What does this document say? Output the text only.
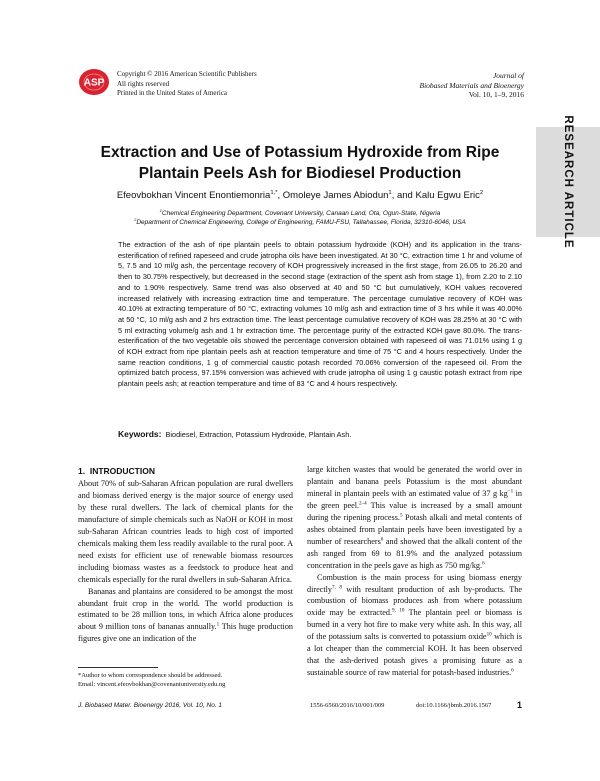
ASP
Copyright © 2016 American Scientific Publishers
All rights reserved
Printed in the United States of America
Journal of
Biobased Materials and Bioenergy
Vol. 10, 1–9, 2016
RESEARCH ARTICLE
Extraction and Use of Potassium Hydroxide from Ripe
Plantain Peels Ash for Biodiesel Production
Efeovbokhan Vincent Enontiemonria$^{1,*}$, Omoleye James Abiodun$^1$, and Kalu Egwu Eric$^2$
$^1$Chemical Engineering Department, Covenant University, Canaan Land, Ota, Ogun-State, Nigeria
$^2$Department of Chemical Engineering, College of Engineering, FAMU-FSU, Tallahassee, Florida, 32310-6046, USA

The extraction of the ash of ripe plantain peels to obtain potassium hydroxide (KOH) and its application in the trans-esterification of refined rapeseed and crude jatropha oils have been investigated. At 30 °C, extraction time 1 hr and volume of 5, 7.5 and 10 ml/g ash, the percentage recovery of KOH progressively increased in the first stage, from 26.05 to 26.20 and then to 30.75% respectively, but decreased in the second stage (extraction of the spent ash from stage 1), from 2.20 to 2.10 and to 1.90% respectively. Same trend was also observed at 40 and 50 °C but cumulatively, KOH values recovered increased relatively with increasing extraction time and temperature. The percentage cumulative recovery of KOH was 40.10% at extracting temperature of 50 °C, extracting volumes 10 ml/g ash and extraction time of 3 hrs while it was 40.00% at 50 °C, 10 ml/g ash and 2 hrs extraction time. The least percentage cumulative recovery of KOH was 28.25% at 30 °C with 5 ml extracting volume/g ash and 1 hr extraction time. The percentage purity of the extracted KOH gave 80.0%. The trans-esterification of the two vegetable oils showed the percentage conversion obtained with rapeseed oil was 71.01% using 1 g of KOH extract from ripe plantain peels ash at reaction temperature and time of 75 °C and 4 hours respectively. Under the same reaction conditions, 1 g of commercial caustic potash recorded 70.06% conversion of the rapeseed oil. From the optimized batch process, 97.15% conversion was achieved with crude jatropha oil using 1 g caustic potash extract from ripe plantain peels ash; at reaction temperature and time of 83 °C and 4 hours respectively.

Keywords: Biodiesel, Extraction, Potassium Hydroxide, Plantain Ash.
1. INTRODUCTION

About 70% of sub-Saharan African population are rural dwellers and biomass derived energy is the major source of energy used by these rural dwellers. The lack of chemical plants for the manufacture of simple chemicals such as NaOH or KOH in most sub-Saharan African countries leads to high cost of imported chemicals making them less readily available to the rural poor. A need exists for efficient use of renewable biomass resources including biomass wastes as a feedstock to produce heat and chemicals especially for the rural dwellers in sub-Saharan Africa.

Bananas and plantains are considered to be amongst the most abundant fruit crop in the world. The world production is estimated to be 28 million tons, in which Africa alone produces about 9 million tons of bananas annually.$^1$ This huge production figures give one an indication of the

large kitchen wastes that would be generated the world over in plantain and banana peels Potassium is the most abundant mineral in plantain peels with an estimated value of 37 g $kg^{-1}$ in the green peel.$^{2-4}$ This value is increased by a small amount during the ripening process.$^5$ Potash alkali and metal contents of ashes obtained from plantain peels have been investigated by a number of researchers$^6$ and showed that the alkali content of the ash ranged from 69 to 81.9% and the analyzed potassium concentration in the peels gave as high as 750 mg/kg.$^6$

Combustion is the main process for using biomass energy directly$^{7, 8}$ with resultant production of ash by-products. The combustion of biomass produces ash from where potassium oxide may be extracted.$^{9, 10}$ The plantain peel or biomass is burned in a very hot fire to make very white ash. In this way, all of the potassium salts is converted to potassium oxide$^{10}$ which is a lot cheaper than the commercial KOH. It has been observed that the ash-derived potash gives a promising future as a sustainable source of raw material for potash-based industries.$^6$

*Author to whom correspondence should be addressed.
Email: vincent.efeovbokhan@covenantuniversity.edu.ng
J. Biobased Mater. Bioenergy 2016, Vol. 10, No. 1	1556-6560/2016/10/001/009	doi:10.1166/jbmb.2016.1567	1
